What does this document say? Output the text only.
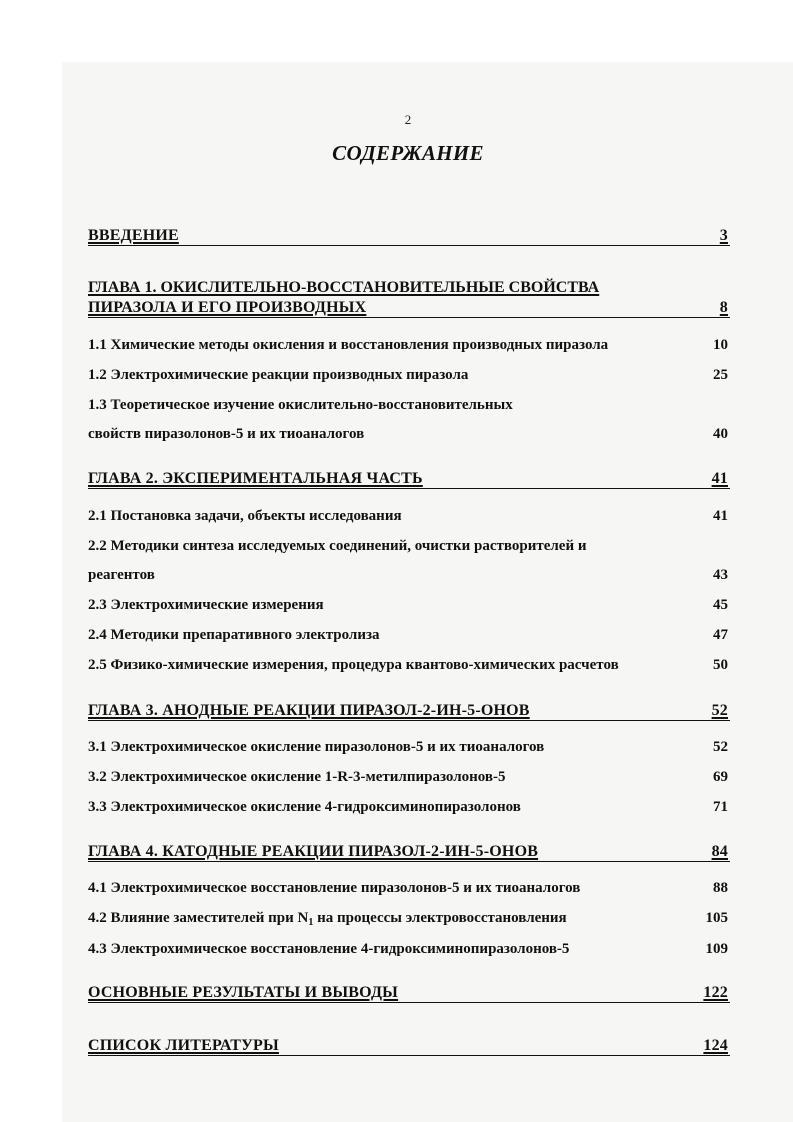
2
СОДЕРЖАНИЕ
ВВЕДЕНИЕ	3
ГЛАВА 1. ОКИСЛИТЕЛЬНО-ВОССТАНОВИТЕЛЬНЫЕ СВОЙСТВА
ПИРАЗОЛА И ЕГО ПРОИЗВОДНЫХ	8
1.1 Химические методы окисления и восстановления производных пиразола	10
1.2 Электрохимические реакции производных пиразола	25
1.3 Теоретическое изучение окислительно-восстановительных
свойств пиразолонов-5 и их тиоаналогов	40
ГЛАВА 2. ЭКСПЕРИМЕНТАЛЬНАЯ ЧАСТЬ	41
2.1 Постановка задачи, объекты исследования	41
2.2 Методики синтеза исследуемых соединений, очистки растворителей и
реагентов	43
2.3 Электрохимические измерения	45
2.4 Методики препаративного электролиза	47
2.5 Физико-химические измерения, процедура квантово-химических расчетов	50
ГЛАВА 3. АНОДНЫЕ РЕАКЦИИ ПИРАЗОЛ-2-ИН-5-ОНОВ	52
3.1 Электрохимическое окисление пиразолонов-5 и их тиоаналогов	52
3.2 Электрохимическое окисление 1-R-3-метилпиразолонов-5	69
3.3 Электрохимическое окисление 4-гидроксиминопиразолонов	71
ГЛАВА 4. КАТОДНЫЕ РЕАКЦИИ ПИРАЗОЛ-2-ИН-5-ОНОВ	84
4.1 Электрохимическое восстановление пиразолонов-5 и их тиоаналогов	88
4.2 Влияние заместителей при $N_1$ на процессы электровосстановления	105
4.3 Электрохимическое восстановление 4-гидроксиминопиразолонов-5	109
ОСНОВНЫЕ РЕЗУЛЬТАТЫ И ВЫВОДЫ	122
СПИСОК ЛИТЕРАТУРЫ	124
